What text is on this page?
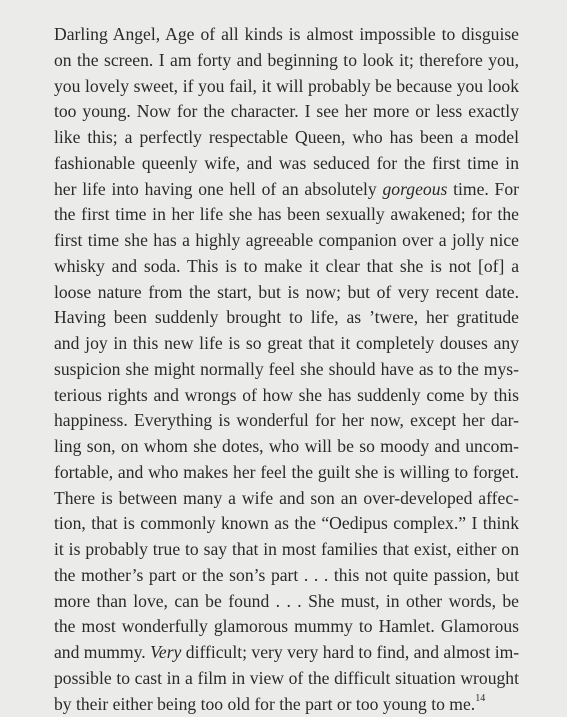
Darling Angel, Age of all kinds is almost impossible to disguise
on the screen. I am forty and beginning to look it; therefore you,
you lovely sweet, if you fail, it will probably be because you look
too young. Now for the character. I see her more or less exactly
like this; a perfectly respectable Queen, who has been a model
fashionable queenly wife, and was seduced for the first time in
her life into having one hell of an absolutely gorgeous time. For
the first time in her life she has been sexually awakened; for the
first time she has a highly agreeable companion over a jolly nice
whisky and soda. This is to make it clear that she is not [of] a
loose nature from the start, but is now; but of very recent date.
Having been suddenly brought to life, as ’twere, her gratitude
and joy in this new life is so great that it completely douses any
suspicion she might normally feel she should have as to the mys-
terious rights and wrongs of how she has suddenly come by this
happiness. Everything is wonderful for her now, except her dar-
ling son, on whom she dotes, who will be so moody and uncom-
fortable, and who makes her feel the guilt she is willing to forget.
There is between many a wife and son an over-developed affec-
tion, that is commonly known as the “Oedipus complex.” I think
it is probably true to say that in most families that exist, either on
the mother’s part or the son’s part . . . this not quite passion, but
more than love, can be found . . . She must, in other words, be
the most wonderfully glamorous mummy to Hamlet. Glamorous
and mummy. Very difficult; very very hard to find, and almost im-
possible to cast in a film in view of the difficult situation wrought
by their either being too old for the part or too young to me.$^{14}$
